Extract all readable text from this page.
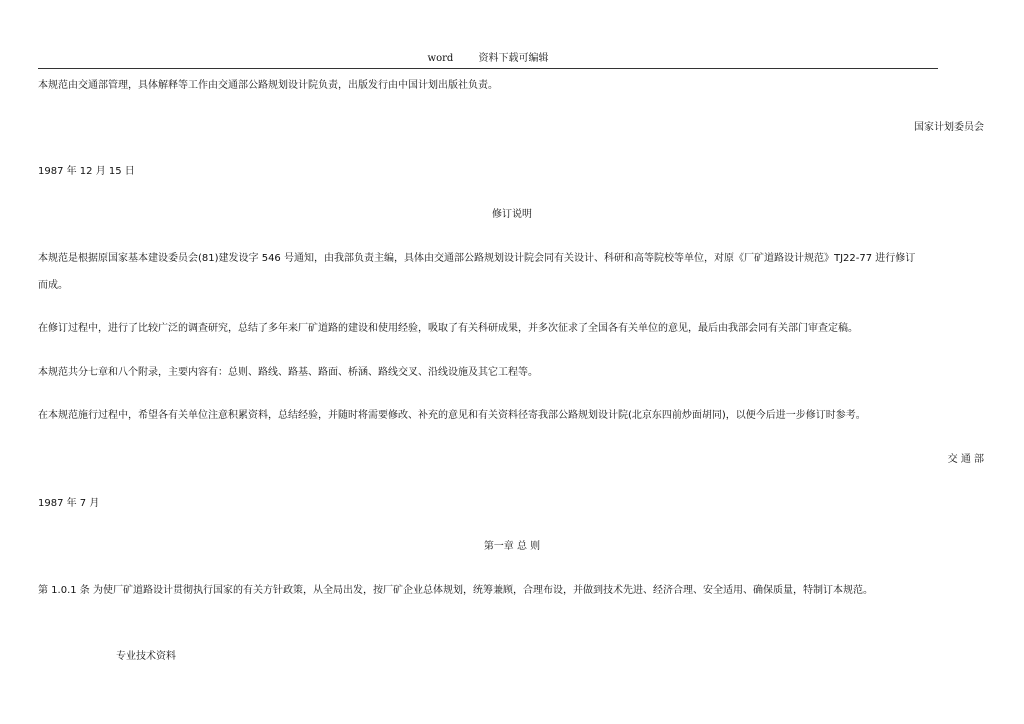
word	资料下载可编辑
本规范由交通部管理，具体解释等工作由交通部公路规划设计院负责，出版发行由中国计划出版社负责。
国家计划委员会
1987 年 12 月 15 日
修订说明
本规范是根据原国家基本建设委员会(81)建发设字 546 号通知，由我部负责主编，具体由交通部公路规划设计院会同有关设计、科研和高等院校等单位，对原《厂矿道路设计规范》TJ22-77 进行修订
而成。
在修订过程中，进行了比较广泛的调查研究，总结了多年来厂矿道路的建设和使用经验，吸取了有关科研成果，并多次征求了全国各有关单位的意见，最后由我部会同有关部门审查定稿。
本规范共分七章和八个附录，主要内容有：总则、路线、路基、路面、桥涵、路线交叉、沿线设施及其它工程等。
在本规范施行过程中，希望各有关单位注意积累资料，总结经验，并随时将需要修改、补充的意见和有关资料径寄我部公路规划设计院(北京东四前炒面胡同)，以便今后进一步修订时参考。
交 通 部
1987 年 7 月
第一章 总 则
第 1.0.1 条 为使厂矿道路设计贯彻执行国家的有关方针政策，从全局出发，按厂矿企业总体规划，统筹兼顾，合理布设，并做到技术先进、经济合理、安全适用、确保质量，特制订本规范。
专业技术资料
